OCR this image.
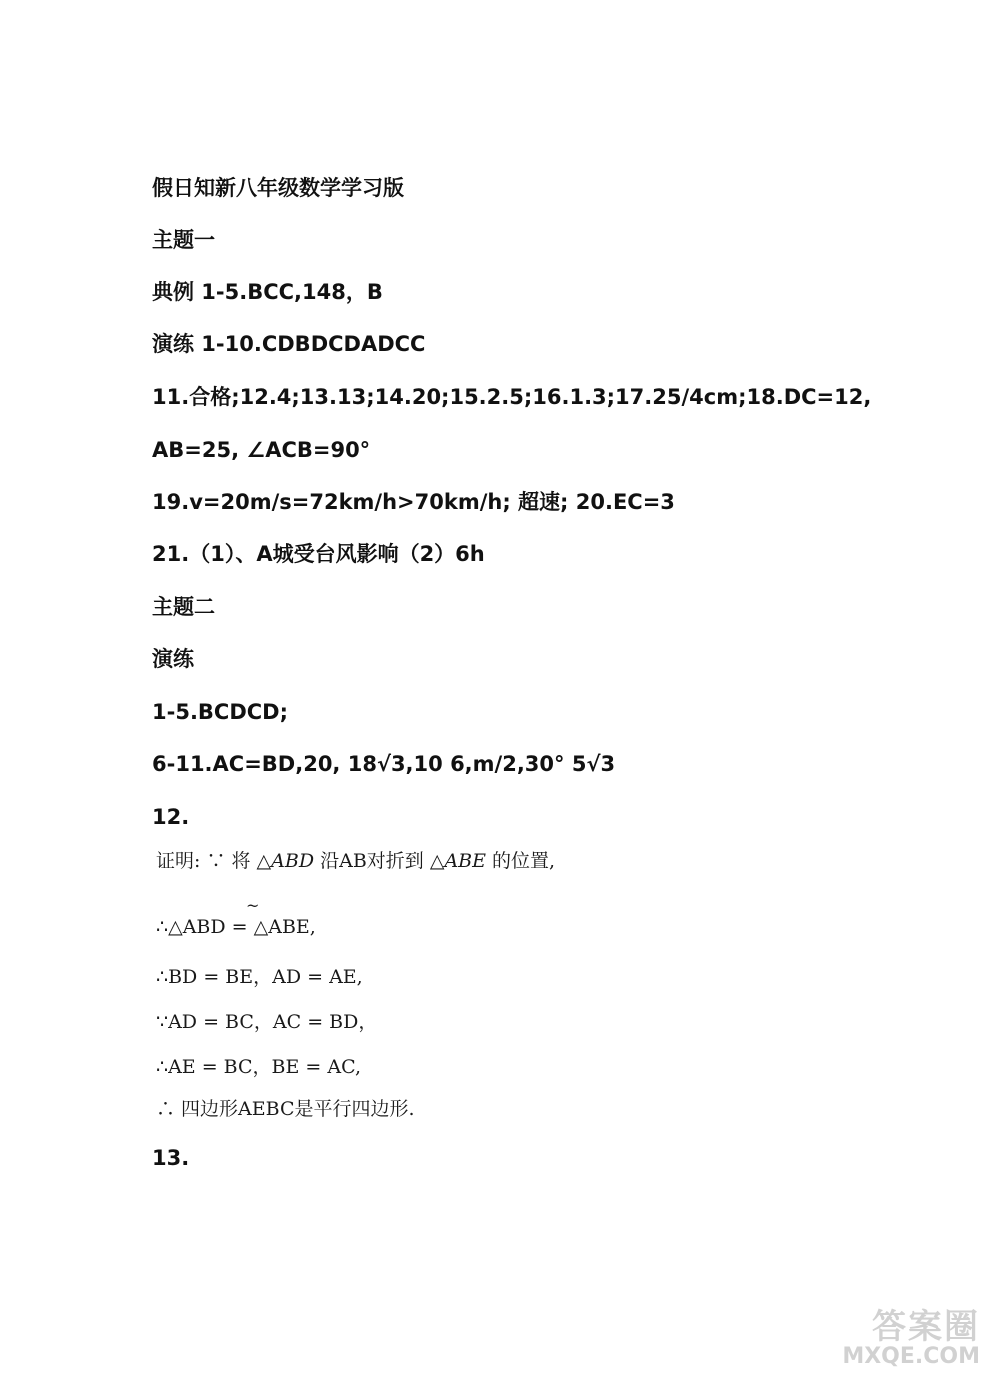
假日知新八年级数学学习版
主题一
典例 1-5.BCC,148，B
演练 1-10.CDBDCDADCC
11.合格;12.4;13.13;14.20;15.2.5;16.1.3;17.25/4cm;18.DC=12,
AB=25, ∠ACB=90°
19.v=20m/s=72km/h>70km/h; 超速; 20.EC=3
21.（1）、A城受台风影响（2）6h
主题二
演练
1-5.BCDCD;
6-11.AC=BD,20, 18√3,10 6,m/2,30° 5√3
12.
证明: ∵ 将 △ABD 沿AB对折到 △ABE 的位置,
~
∴△ABD = △ABE,
∴BD = BE，AD = AE,
∵AD = BC，AC = BD，
∴AE = BC，BE = AC,
∴ 四边形AEBC是平行四边形.
13.
答案圈
MXQE.COM
